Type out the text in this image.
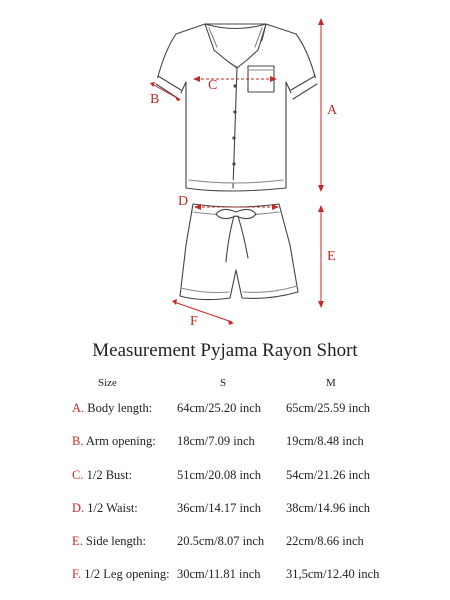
A
B
C
D
E
F
Measurement Pyjama Rayon Short
Size	S	M
A. Body length: 64cm/25.20 inch 65cm/25.59 inch
B. Arm opening: 18cm/7.09 inch 19cm/8.48 inch
C. 1/2 Bust:	51cm/20.08 inch 54cm/21.26 inch
D. 1/2 Waist:	36cm/14.17 inch 38cm/14.96 inch
E. Side length: 20.5cm/8.07 inch 22cm/8.66 inch
F. 1/2 Leg opening: 30cm/11.81 inch 31,5cm/12.40 inch
